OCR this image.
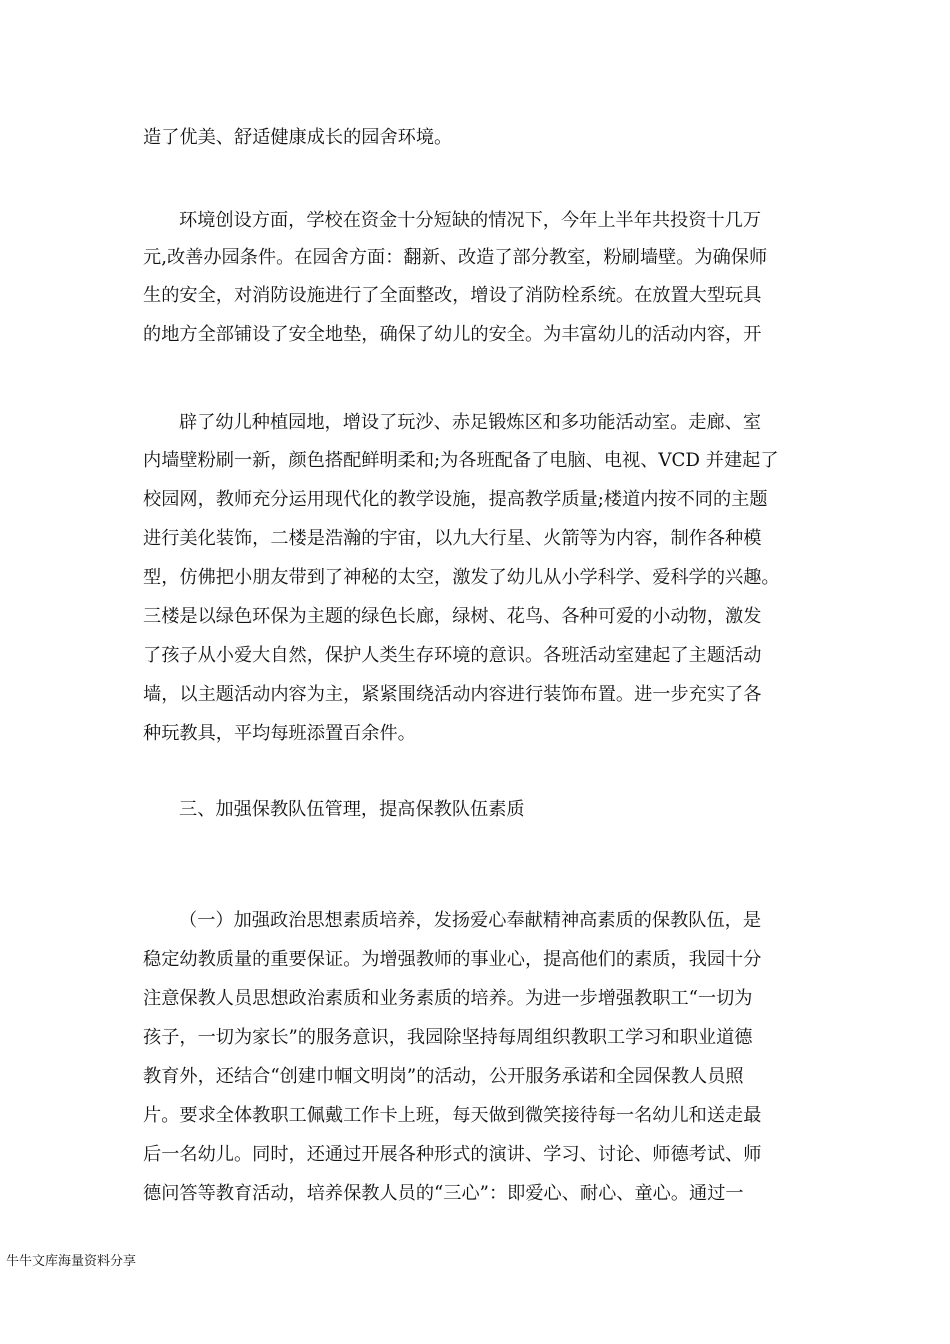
造了优美、舒适健康成长的园舍环境。
环境创设方面，学校在资金十分短缺的情况下，今年上半年共投资十几万
元,改善办园条件。在园舍方面：翻新、改造了部分教室，粉刷墙壁。为确保师
生的安全，对消防设施进行了全面整改，增设了消防栓系统。在放置大型玩具
的地方全部铺设了安全地垫，确保了幼儿的安全。为丰富幼儿的活动内容，开
辟了幼儿种植园地，增设了玩沙、赤足锻炼区和多功能活动室。走廊、室
内墙壁粉刷一新，颜色搭配鲜明柔和;为各班配备了电脑、电视、VCD 并建起了
校园网，教师充分运用现代化的教学设施，提高教学质量;楼道内按不同的主题
进行美化装饰，二楼是浩瀚的宇宙，以九大行星、火箭等为内容，制作各种模
型，仿佛把小朋友带到了神秘的太空，激发了幼儿从小学科学、爱科学的兴趣。
三楼是以绿色环保为主题的绿色长廊，绿树、花鸟、各种可爱的小动物，激发
了孩子从小爱大自然，保护人类生存环境的意识。各班活动室建起了主题活动
墙，以主题活动内容为主，紧紧围绕活动内容进行装饰布置。进一步充实了各
种玩教具，平均每班添置百余件。
三、加强保教队伍管理，提高保教队伍素质
（一）加强政治思想素质培养，发扬爱心奉献精神高素质的保教队伍，是
稳定幼教质量的重要保证。为增强教师的事业心，提高他们的素质，我园十分
注意保教人员思想政治素质和业务素质的培养。为进一步增强教职工“一切为
孩子，一切为家长”的服务意识，我园除坚持每周组织教职工学习和职业道德
教育外，还结合“创建巾帼文明岗”的活动，公开服务承诺和全园保教人员照
片。要求全体教职工佩戴工作卡上班，每天做到微笑接待每一名幼儿和送走最
后一名幼儿。同时，还通过开展各种形式的演讲、学习、讨论、师德考试、师
德问答等教育活动，培养保教人员的“三心”：即爱心、耐心、童心。通过一
牛牛文库海量资料分享
